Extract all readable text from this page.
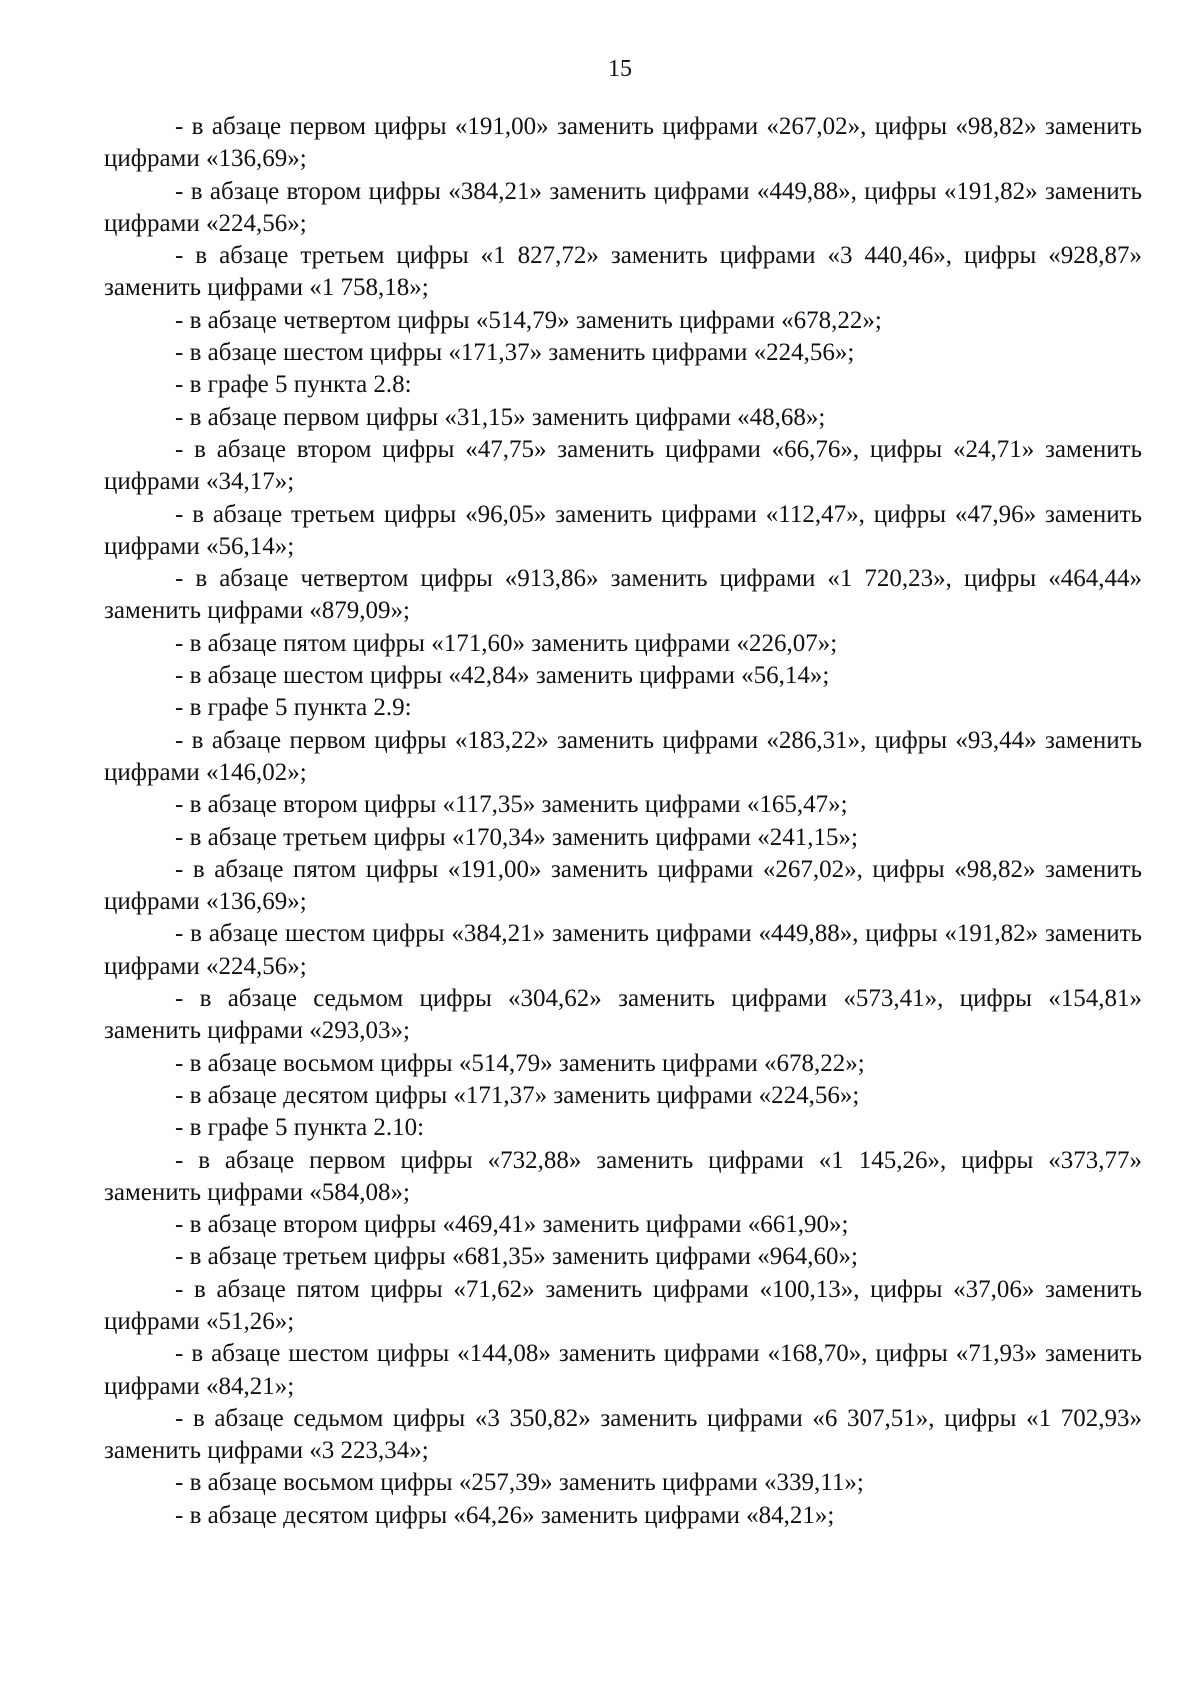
15

- в абзаце первом цифры «191,00» заменить цифрами «267,02», цифры «98,82» заменить цифрами «136,69»;

- в абзаце втором цифры «384,21» заменить цифрами «449,88», цифры «191,82» заменить цифрами «224,56»;

- в абзаце третьем цифры «1 827,72» заменить цифрами «3 440,46», цифры «928,87» заменить цифрами «1 758,18»;

- в абзаце четвертом цифры «514,79» заменить цифрами «678,22»;

- в абзаце шестом цифры «171,37» заменить цифрами «224,56»;

- в графе 5 пункта 2.8:

- в абзаце первом цифры «31,15» заменить цифрами «48,68»;

- в абзаце втором цифры «47,75» заменить цифрами «66,76», цифры «24,71» заменить цифрами «34,17»;

- в абзаце третьем цифры «96,05» заменить цифрами «112,47», цифры «47,96» заменить цифрами «56,14»;

- в абзаце четвертом цифры «913,86» заменить цифрами «1 720,23», цифры «464,44» заменить цифрами «879,09»;

- в абзаце пятом цифры «171,60» заменить цифрами «226,07»;

- в абзаце шестом цифры «42,84» заменить цифрами «56,14»;

- в графе 5 пункта 2.9:

- в абзаце первом цифры «183,22» заменить цифрами «286,31», цифры «93,44» заменить цифрами «146,02»;

- в абзаце втором цифры «117,35» заменить цифрами «165,47»;

- в абзаце третьем цифры «170,34» заменить цифрами «241,15»;

- в абзаце пятом цифры «191,00» заменить цифрами «267,02», цифры «98,82» заменить цифрами «136,69»;

- в абзаце шестом цифры «384,21» заменить цифрами «449,88», цифры «191,82» заменить цифрами «224,56»;

- в абзаце седьмом цифры «304,62» заменить цифрами «573,41», цифры «154,81» заменить цифрами «293,03»;

- в абзаце восьмом цифры «514,79» заменить цифрами «678,22»;

- в абзаце десятом цифры «171,37» заменить цифрами «224,56»;

- в графе 5 пункта 2.10:

- в абзаце первом цифры «732,88» заменить цифрами «1 145,26», цифры «373,77» заменить цифрами «584,08»;

- в абзаце втором цифры «469,41» заменить цифрами «661,90»;

- в абзаце третьем цифры «681,35» заменить цифрами «964,60»;

- в абзаце пятом цифры «71,62» заменить цифрами «100,13», цифры «37,06» заменить цифрами «51,26»;

- в абзаце шестом цифры «144,08» заменить цифрами «168,70», цифры «71,93» заменить цифрами «84,21»;

- в абзаце седьмом цифры «3 350,82» заменить цифрами «6 307,51», цифры «1 702,93» заменить цифрами «3 223,34»;

- в абзаце восьмом цифры «257,39» заменить цифрами «339,11»;

- в абзаце десятом цифры «64,26» заменить цифрами «84,21»;
